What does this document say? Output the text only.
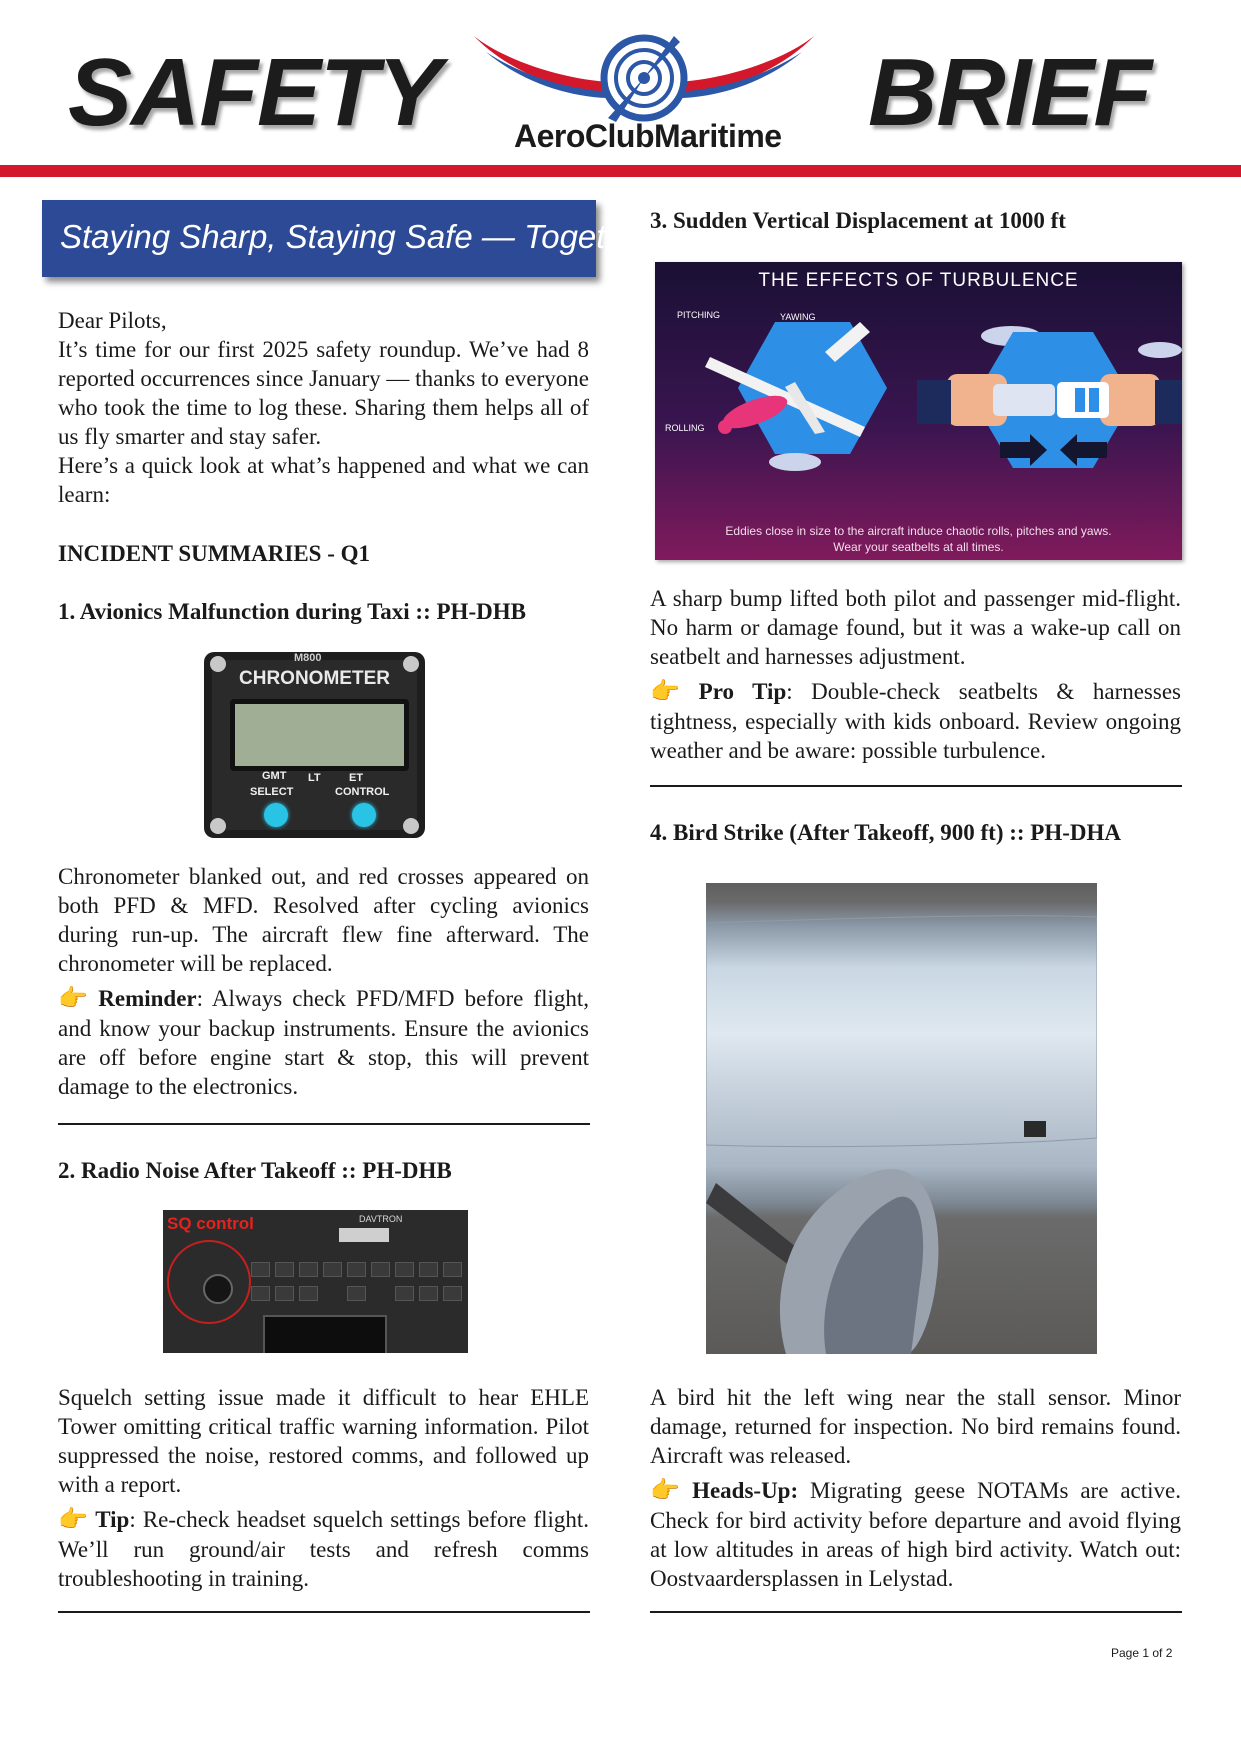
SAFETY	BRIEF
AeroClubMaritime
Staying Sharp, Staying Safe — Together

Dear Pilots,

It’s time for our first 2025 safety roundup. We’ve had 8 reported occurrences since January — thanks to everyone who took the time to log these. Sharing them helps all of us fly smarter and stay safer.

Here’s a quick look at what’s happened and what we can learn:

INCIDENT SUMMARIES - Q1
1. Avionics Malfunction during Taxi :: PH-DHB
M800
CHRONOMETER
GMT LT	ET
SELECT	CONTROL

Chronometer blanked out, and red crosses appeared on both PFD & MFD. Resolved after cycling avionics during run-up. The aircraft flew fine afterward. The chronometer will be replaced.

👉 Reminder: Always check PFD/MFD before flight, and know your backup instruments. Ensure the avionics are off before engine start & stop, this will prevent damage to the electronics.

2. Radio Noise After Takeoff :: PH-DHB
DAVTRON
SQ control

Squelch setting issue made it difficult to hear EHLE Tower omitting critical traffic warning information. Pilot suppressed the noise, restored comms, and followed up with a report.

👉 Tip: Re-check headset squelch settings before flight. We’ll run ground/air tests and refresh comms troubleshooting in training.

3. Sudden Vertical Displacement at 1000 ft
THE EFFECTS OF TURBULENCE
PITCHING	YAWING
ROLLING
Eddies close in size to the aircraft induce chaotic rolls, pitches and yaws.
Wear your seatbelts at all times.

A sharp bump lifted both pilot and passenger mid-flight. No harm or damage found, but it was a wake-up call on seatbelt and harnesses adjustment.

👉 Pro Tip: Double-check seatbelts & harnesses tightness, especially with kids onboard. Review ongoing weather and be aware: possible turbulence.

4. Bird Strike (After Takeoff, 900 ft) :: PH-DHA

A bird hit the left wing near the stall sensor. Minor damage, returned for inspection. No bird remains found. Aircraft was released.

👉 Heads-Up: Migrating geese NOTAMs are active. Check for bird activity before departure and avoid flying at low altitudes in areas of high bird activity. Watch out: Oostvaardersplassen in Lelystad.

Page 1 of 2
